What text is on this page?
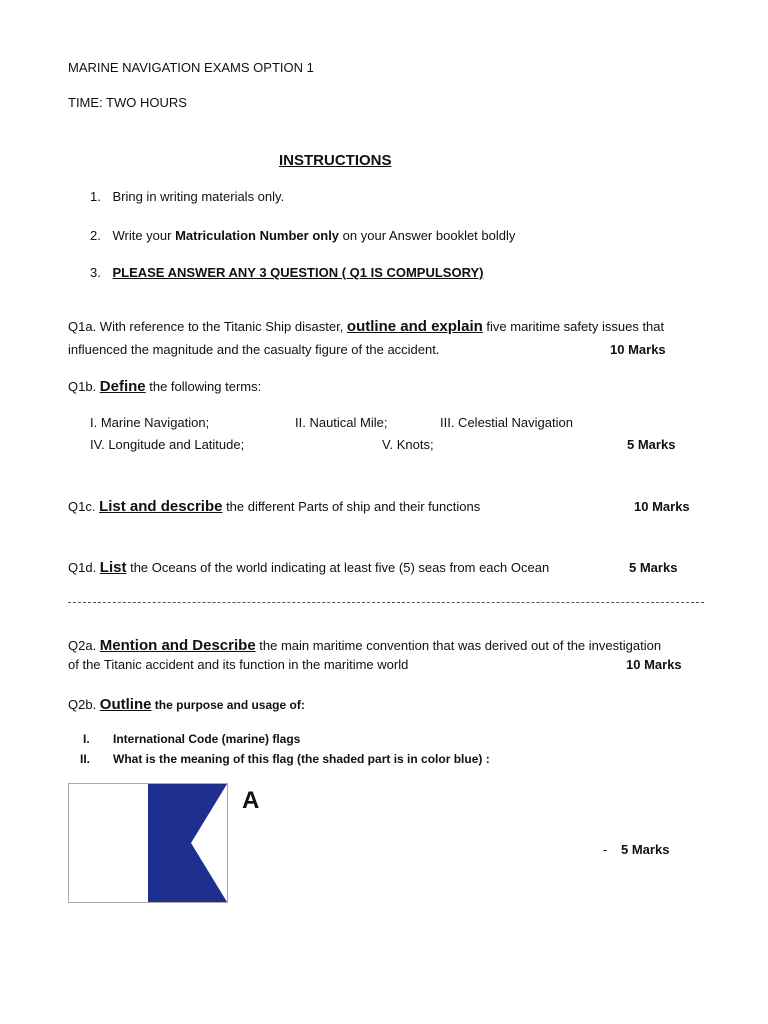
MARINE NAVIGATION EXAMS OPTION 1
TIME: TWO HOURS
INSTRUCTIONS
1. Bring in writing materials only.
2. Write your Matriculation Number only on your Answer booklet boldly
3. PLEASE ANSWER ANY 3 QUESTION ( Q1 IS COMPULSORY)
Q1a. With reference to the Titanic Ship disaster, outline and explain five maritime safety issues that
influenced the magnitude and the casualty figure of the accident.	10 Marks
Q1b. Define the following terms:
I. Marine Navigation;	II. Nautical Mile;	III. Celestial Navigation
IV. Longitude and Latitude;	V. Knots;	5 Marks
Q1c. List and describe the different Parts of ship and their functions	10 Marks
Q1d. List the Oceans of the world indicating at least five (5) seas from each Ocean	5 Marks
Q2a. Mention and Describe the main maritime convention that was derived out of the investigation
of the Titanic accident and its function in the maritime world	10 Marks
Q2b. Outline the purpose and usage of:
I. International Code (marine) flags
II. What is the meaning of this flag (the shaded part is in color blue) :
A
- 5 Marks
